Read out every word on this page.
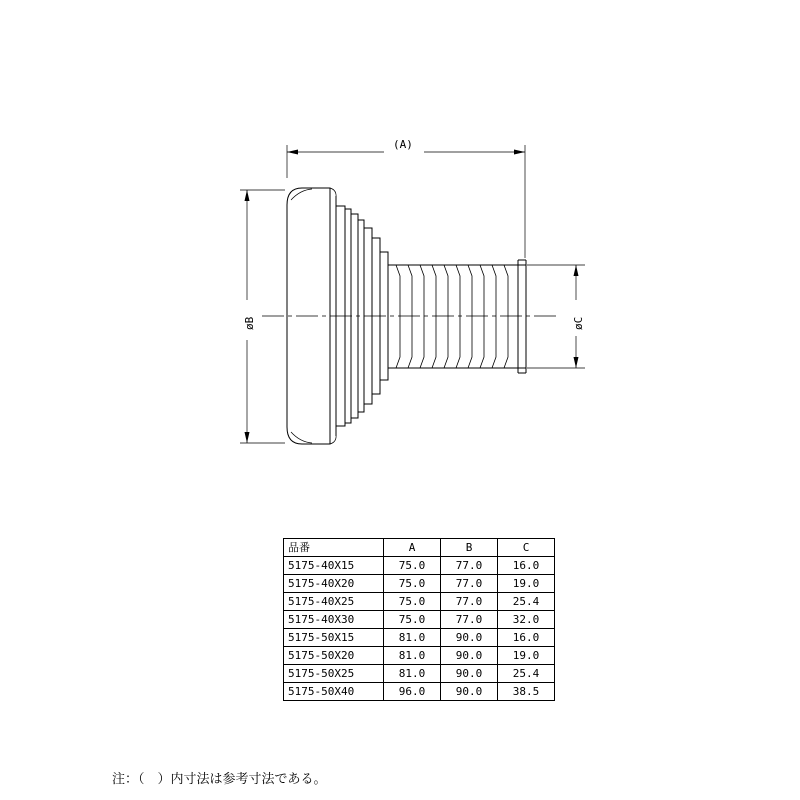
(A)
øB	øC
品番	A	B	C
5175-40X15	75.0	77.0	16.0
5175-40X20	75.0	77.0	19.0
5175-40X25	75.0	77.0	25.4
5175-40X30	75.0	77.0	32.0
5175-50X15	81.0	90.0	16.0
5175-50X20	81.0	90.0	19.0
5175-50X25	81.0	90.0	25.4
5175-50X40	96.0	90.0	38.5
注：（　）内寸法は参考寸法である。
